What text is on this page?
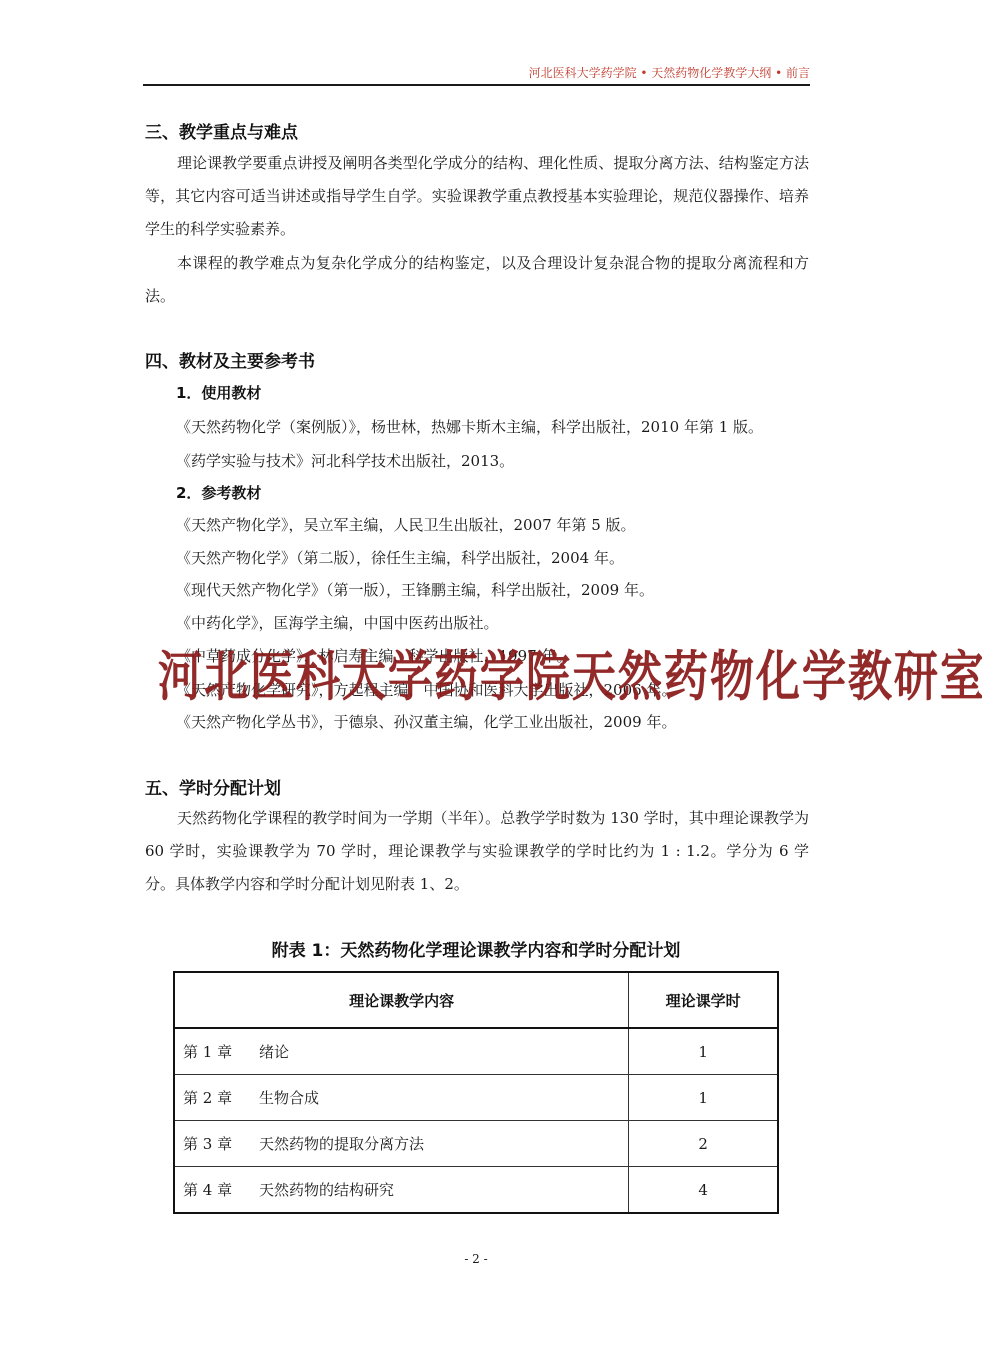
河北医科大学药学院 • 天然药物化学教学大纲 • 前言
三、教学重点与难点

理论课教学要重点讲授及阐明各类型化学成分的结构、理化性质、提取分离方法、结构鉴定方法等，其它内容可适当讲述或指导学生自学。实验课教学重点教授基本实验理论，规范仪器操作、培养学生的科学实验素养。

本课程的教学难点为复杂化学成分的结构鉴定，以及合理设计复杂混合物的提取分离流程和方法。

四、教材及主要参考书
1．使用教材
《天然药物化学（案例版）》，杨世林，热娜卡斯木主编，科学出版社，2010 年第 1 版。
《药学实验与技术》河北科学技术出版社，2013。
2．参考教材
《天然产物化学》，吴立军主编，人民卫生出版社，2007 年第 5 版。
《天然产物化学》（第二版），徐任生主编，科学出版社，2004 年。
《现代天然产物化学》（第一版），王锋鹏主编，科学出版社，2009 年。
《中药化学》，匡海学主编，中国中医药出版社。
《中草药成分化学》，林启寿主编，科学出版社，1997 年。
《天然产物化学研究》，方起程主编，中国协和医科大学出版社，2006 年。
《天然产物化学丛书》，于德泉、孙汉董主编，化学工业出版社，2009 年。
河 北 医 科 大 学 药 学 院 天 然 药 物 化 学 教 研 室
五、学时分配计划

天然药物化学课程的教学时间为一学期（半年）。总教学学时数为 130 学时，其中理论课教学为 60 学时，实验课教学为 70 学时，理论课教学与实验课教学的学时比约为 1 : 1.2。学分为 6 学分。具体教学内容和学时分配计划见附表 1、2。

附表 1：天然药物化学理论课教学内容和学时分配计划
理论课教学内容	理论课学时
第 1 章 绪论	1
第 2 章 生物合成	1
第 3 章 天然药物的提取分离方法	2
第 4 章 天然药物的结构研究	4
- 2 -
